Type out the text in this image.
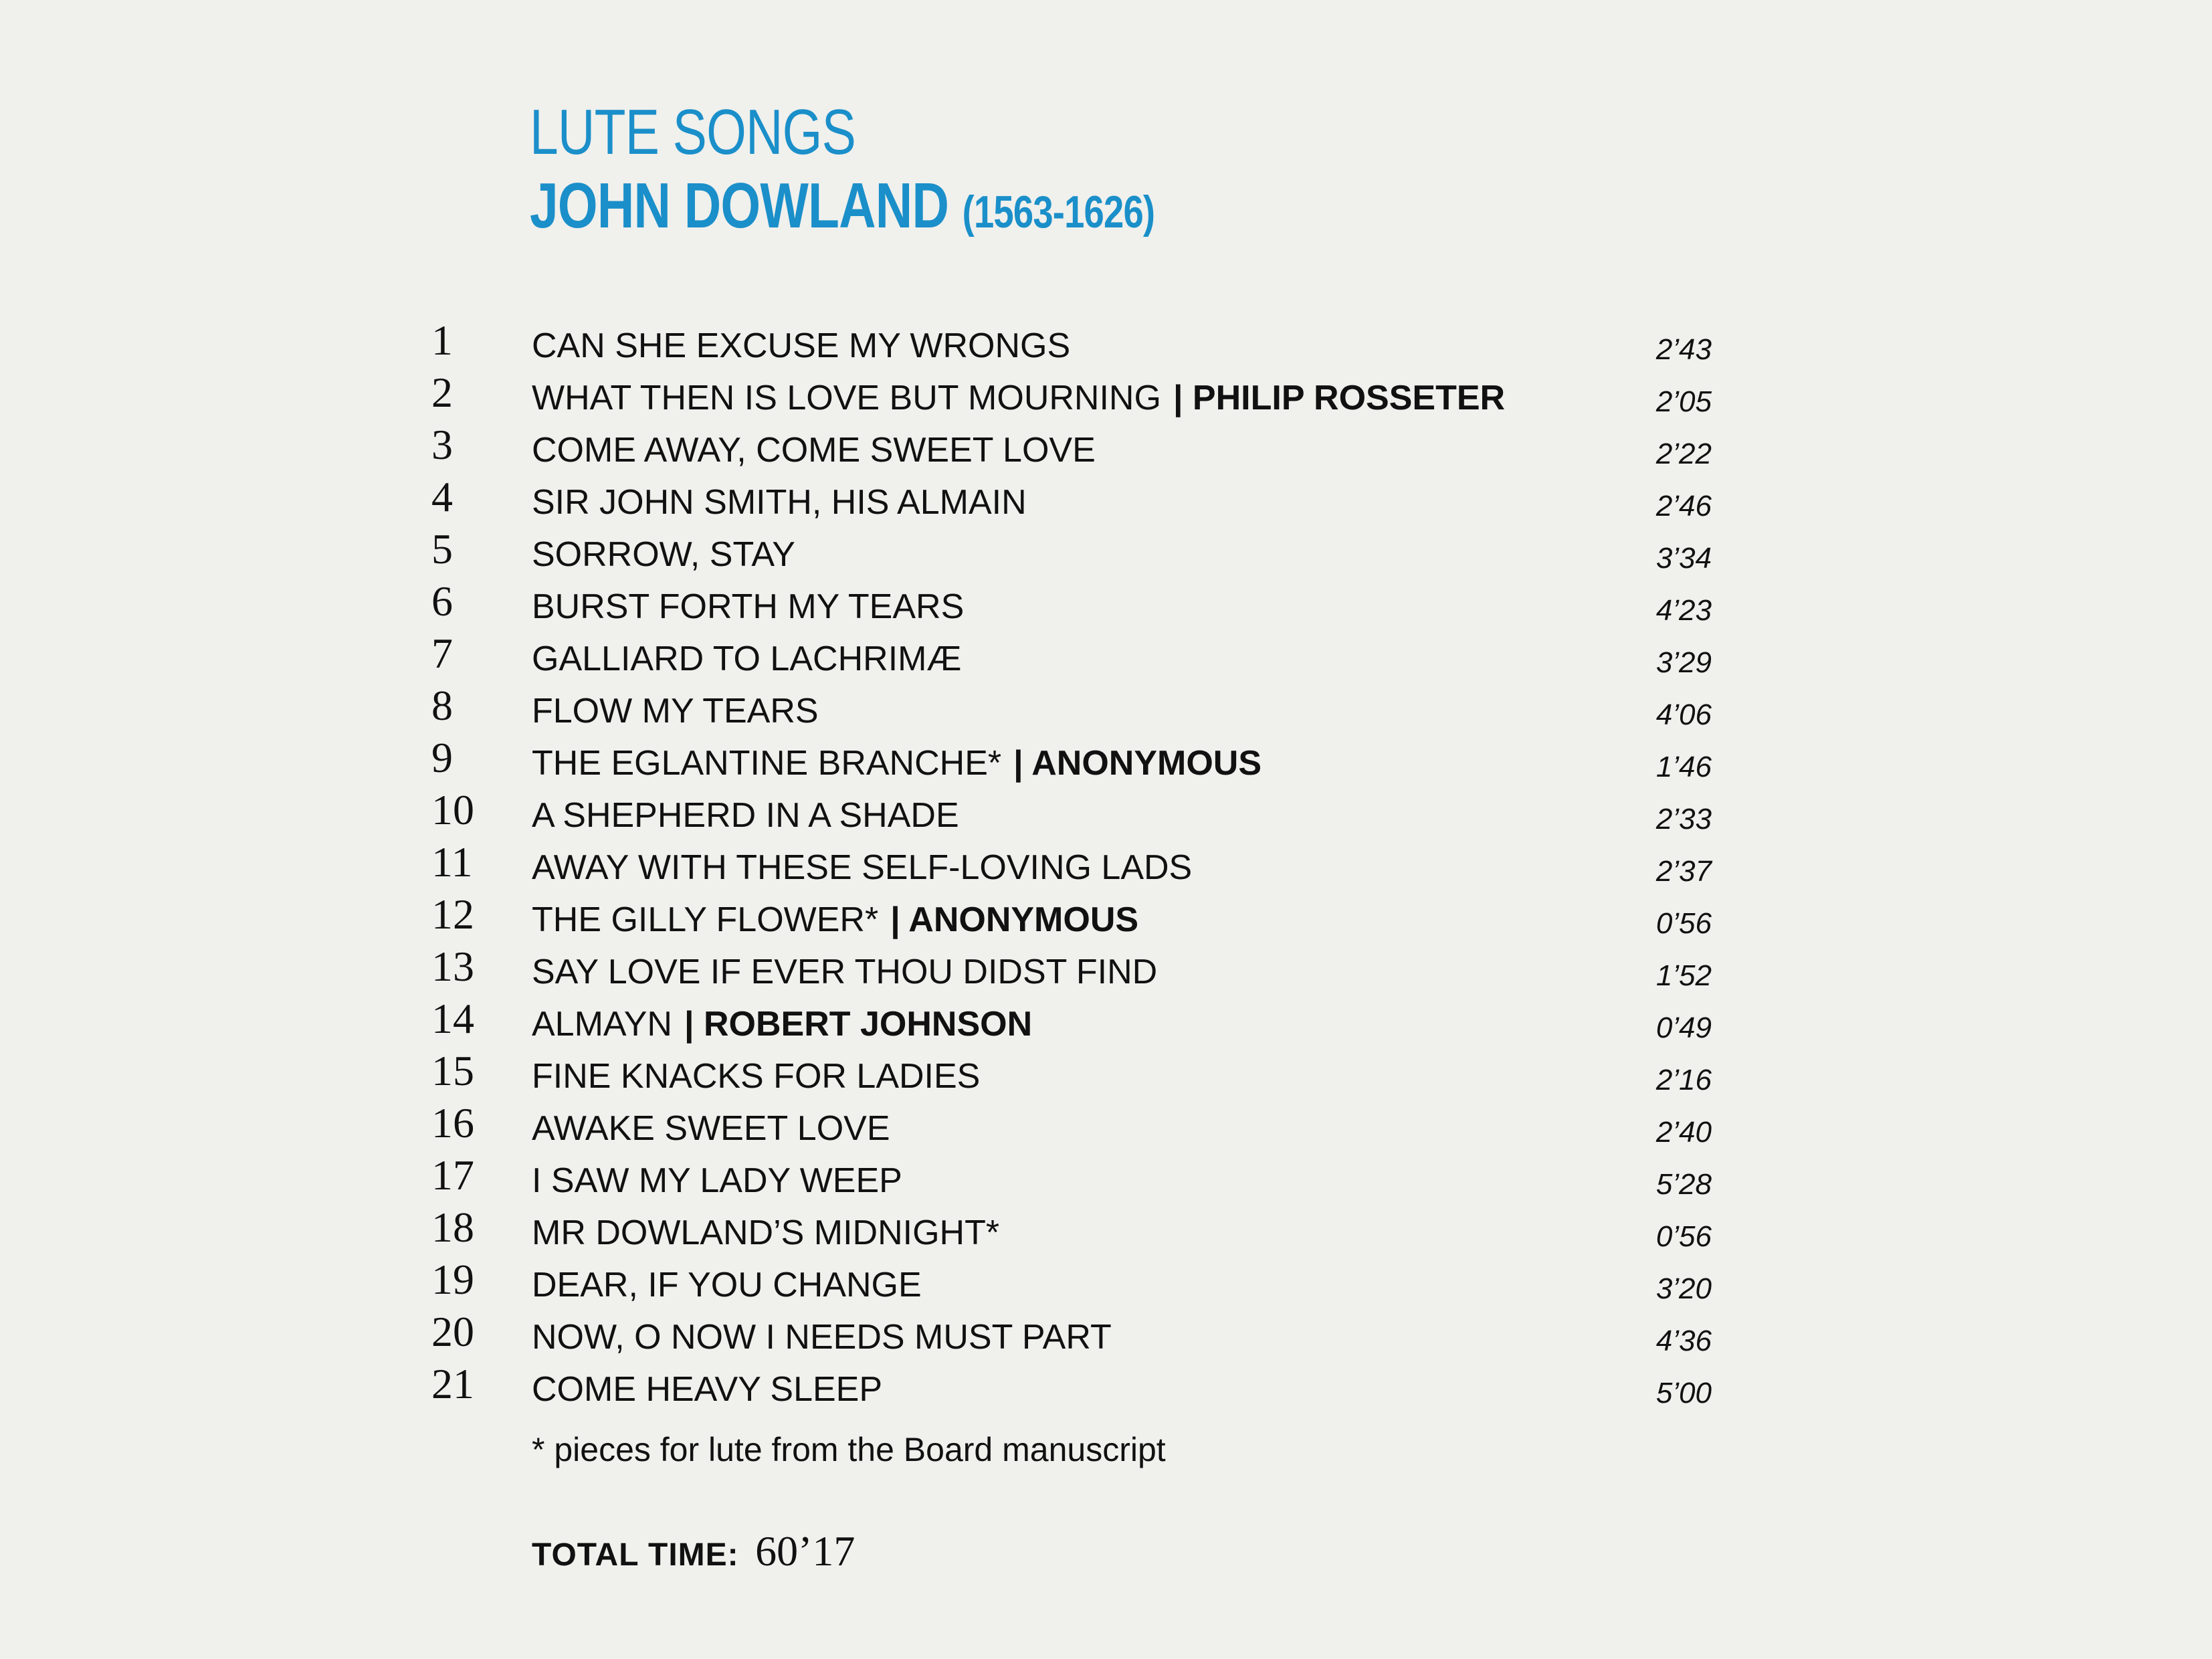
LUTE SONGS
JOHN DOWLAND (1563-1626)
1 CAN SHE EXCUSE MY WRONGS	2’43
2 WHAT THEN IS LOVE BUT MOURNING | PHILIP ROSSETER	2’05
3 COME AWAY, COME SWEET LOVE	2’22
4 SIR JOHN SMITH, HIS ALMAIN	2’46
5 SORROW, STAY	3’34
6 BURST FORTH MY TEARS	4’23
7 GALLIARD TO LACHRIMÆ	3’29
8 FLOW MY TEARS	4’06
9 THE EGLANTINE BRANCHE* | ANONYMOUS	1’46
10 A SHEPHERD IN A SHADE	2’33
11 AWAY WITH THESE SELF-LOVING LADS	2’37
12 THE GILLY FLOWER* | ANONYMOUS	0’56
13 SAY LOVE IF EVER THOU DIDST FIND	1’52
14 ALMAYN | ROBERT JOHNSON	0’49
15 FINE KNACKS FOR LADIES	2’16
16 AWAKE SWEET LOVE	2’40
17 I SAW MY LADY WEEP	5’28
18 MR DOWLAND’S MIDNIGHT*	0’56
19 DEAR, IF YOU CHANGE	3’20
20 NOW, O NOW I NEEDS MUST PART	4’36
21 COME HEAVY SLEEP	5’00
* pieces for lute from the Board manuscript
TOTAL TIME: 60’17
